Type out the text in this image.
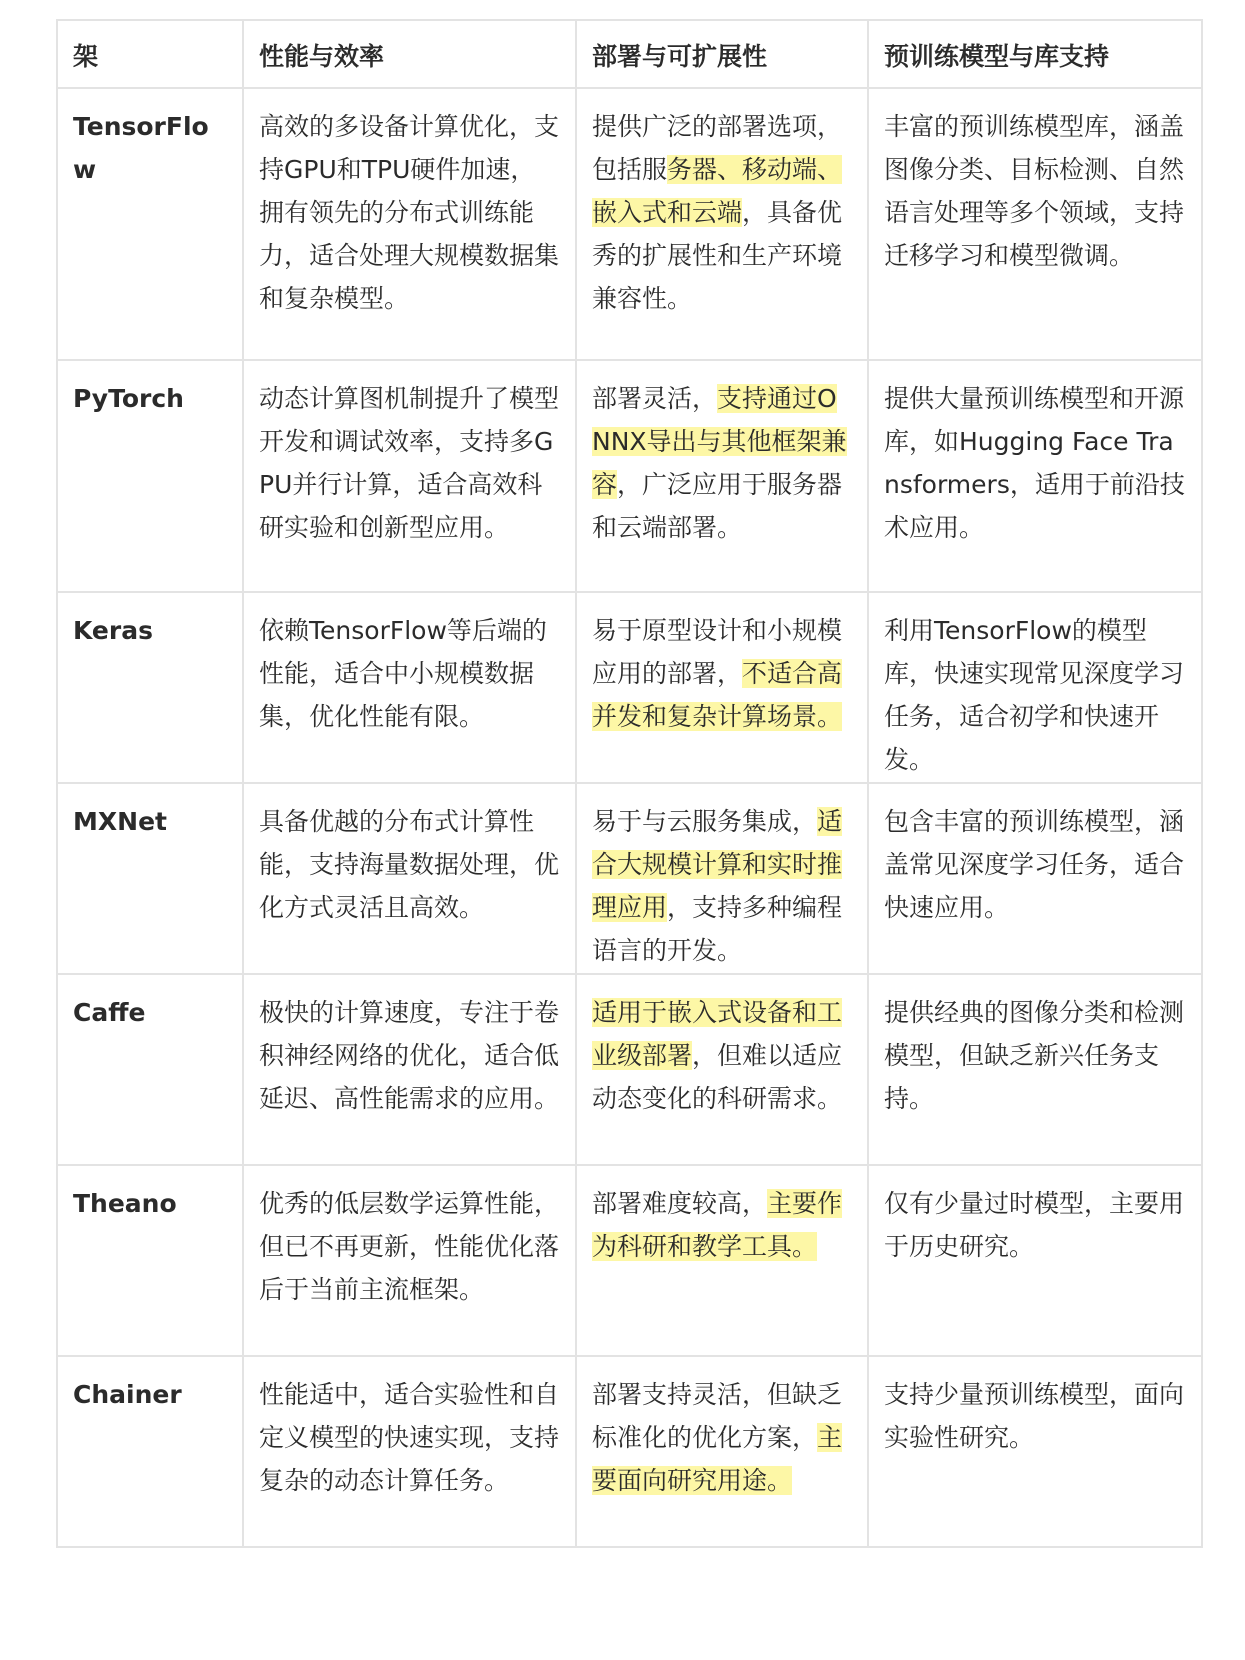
架	性能与效率	部署与可扩展性	预训练模型与库支持
TensorFlow	高效的多设备计算优化，支持GPU和TPU硬件加速，拥有领先的分布式训练能力，适合处理大规模数据集和复杂模型。	提供广泛的部署选项，包括服务器、移动端、嵌入式和云端，具备优秀的扩展性和生产环境兼容性。	丰富的预训练模型库，涵盖图像分类、目标检测、自然语言处理等多个领域，支持迁移学习和模型微调。
PyTorch	动态计算图机制提升了模型开发和调试效率，支持多GPU并行计算，适合高效科研实验和创新型应用。	部署灵活，支持通过ONNX导出与其他框架兼容，广泛应用于服务器和云端部署。	提供大量预训练模型和开源库，如Hugging Face Transformers，适用于前沿技术应用。
Keras	依赖TensorFlow等后端的性能，适合中小规模数据集，优化性能有限。	易于原型设计和小规模应用的部署，不适合高并发和复杂计算场景。	利用TensorFlow的模型库，快速实现常见深度学习任务，适合初学和快速开发。
MXNet	具备优越的分布式计算性能，支持海量数据处理，优化方式灵活且高效。	易于与云服务集成，适合大规模计算和实时推理应用，支持多种编程语言的开发。	包含丰富的预训练模型，涵盖常见深度学习任务，适合快速应用。
Caffe	极快的计算速度，专注于卷积神经网络的优化，适合低延迟、高性能需求的应用。	适用于嵌入式设备和工业级部署，但难以适应动态变化的科研需求。	提供经典的图像分类和检测模型，但缺乏新兴任务支持。
Theano	优秀的低层数学运算性能，但已不再更新，性能优化落后于当前主流框架。	部署难度较高，主要作为科研和教学工具。	仅有少量过时模型，主要用于历史研究。
Chainer	性能适中，适合实验性和自定义模型的快速实现，支持复杂的动态计算任务。	部署支持灵活，但缺乏标准化的优化方案，主要面向研究用途。	支持少量预训练模型，面向实验性研究。
